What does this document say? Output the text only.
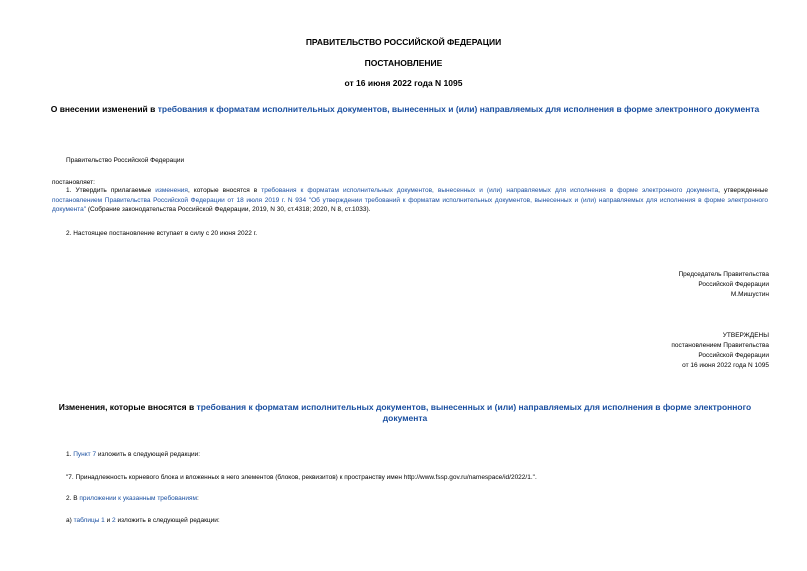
ПРАВИТЕЛЬСТВО РОССИЙСКОЙ ФЕДЕРАЦИИ
ПОСТАНОВЛЕНИЕ
от 16 июня 2022 года N 1095
О внесении изменений в требования к форматам исполнительных документов, вынесенных и (или) направляемых для исполнения в форме электронного документа
Правительство Российской Федерации
постановляет:
1. Утвердить прилагаемые изменения, которые вносятся в требования к форматам исполнительных документов, вынесенных и (или) направляемых для исполнения в форме электронного документа, утвержденные постановлением Правительства Российской Федерации от 18 июля 2019 г. N 934 "Об утверждении требований к форматам исполнительных документов, вынесенных и (или) направляемых для исполнения в форме электронного документа" (Собрание законодательства Российской Федерации, 2019, N 30, ст.4318; 2020, N 8, ст.1033).
2. Настоящее постановление вступает в силу с 20 июня 2022 г.
Председатель Правительства
Российской Федерации
М.Мишустин
УТВЕРЖДЕНЫ
постановлением Правительства
Российской Федерации
от 16 июня 2022 года N 1095
Изменения, которые вносятся в требования к форматам исполнительных документов, вынесенных и (или) направляемых для исполнения в форме электронного документа
1. Пункт 7 изложить в следующей редакции:
"7. Принадлежность корневого блока и вложенных в него элементов (блоков, реквизитов) к пространству имен http://www.fssp.gov.ru/namespace/id/2022/1.".
2. В приложении к указанным требованиям:
а) таблицы 1 и 2 изложить в следующей редакции:
